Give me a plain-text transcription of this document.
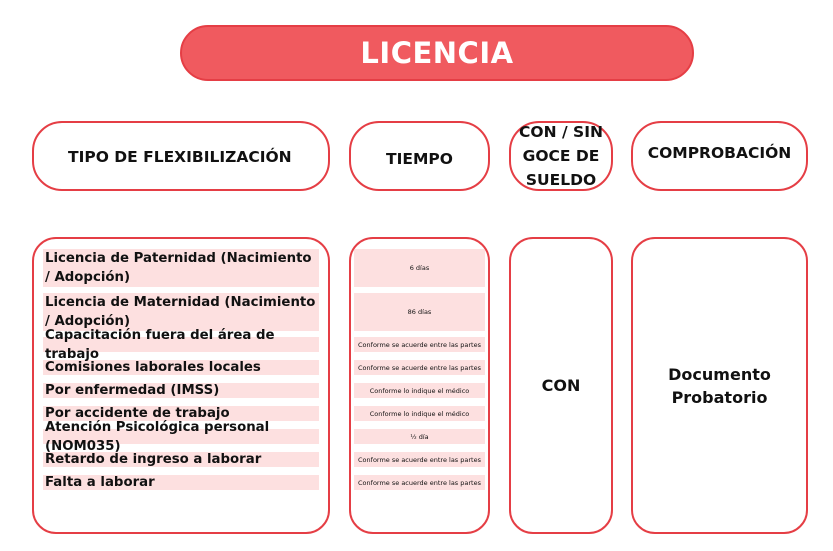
LICENCIA
TIPO DE FLEXIBILIZACIÓN	TIEMPO
CON / SIN GOCE DE SUELDO
COMPROBACIÓN
Licencia de Paternidad (Nacimiento / Adopción)
Licencia de Maternidad (Nacimiento / Adopción)
Capacitación fuera del área de trabajo
Comisiones laborales locales
Por enfermedad (IMSS)
Por accidente de trabajo
Atención Psicológica personal (NOM035)
Retardo de ingreso a laborar
Falta a laborar
6 días
86 días
Conforme se acuerde entre las partes
Conforme se acuerde entre las partes
Conforme lo indique el médico
Conforme lo indique el médico
½ día
Conforme se acuerde entre las partes
Conforme se acuerde entre las partes
CON
Documento Probatorio
